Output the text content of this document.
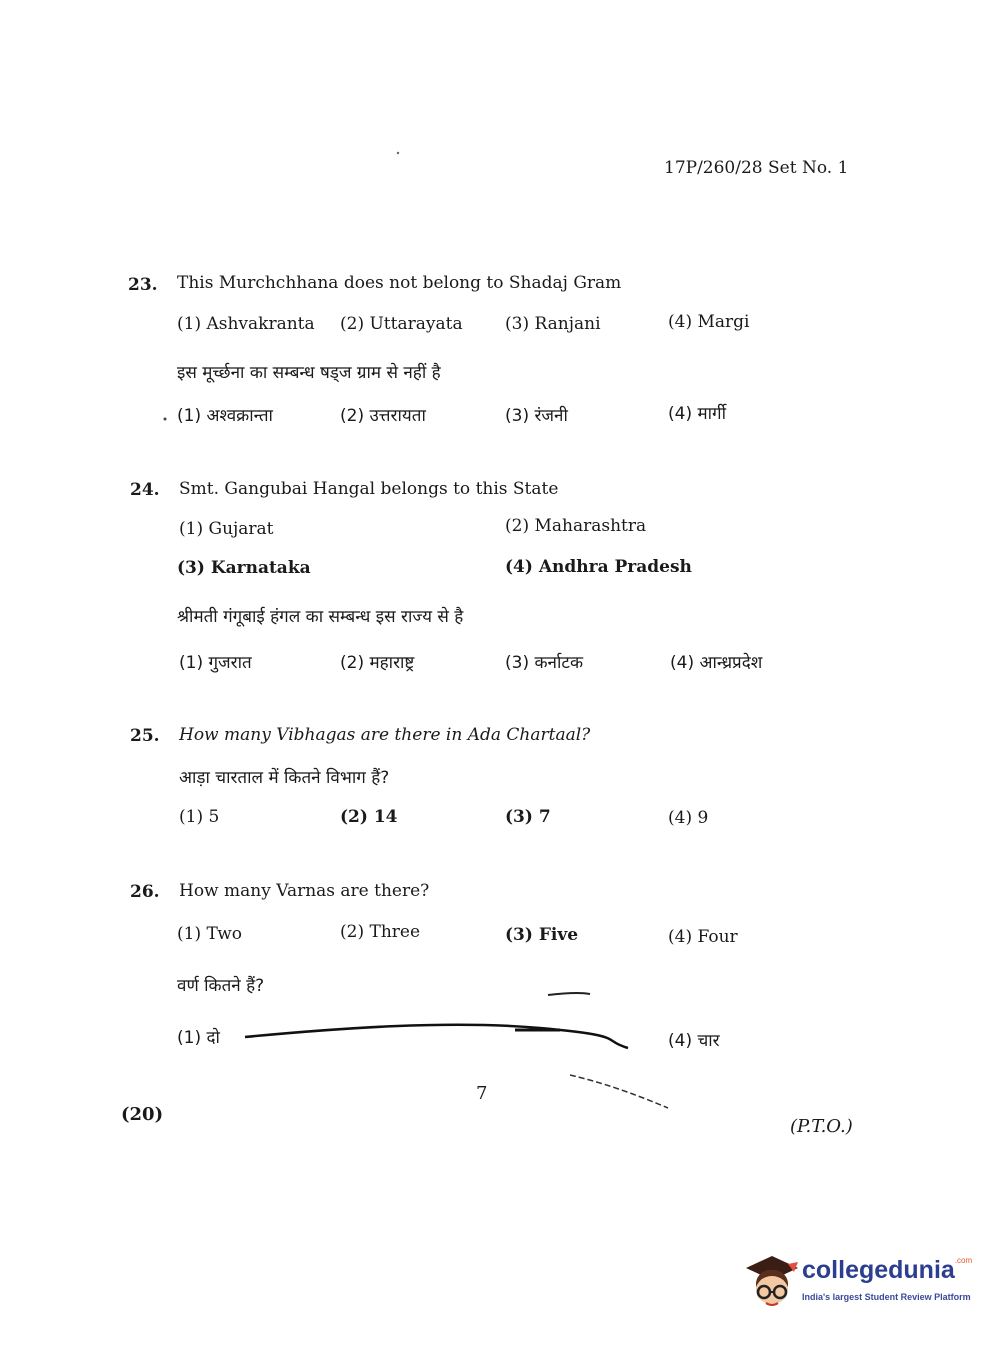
17P/260/28 Set No. 1
23. This Murchchhana does not belong to Shadaj Gram
(1) Ashvakranta (2) Uttarayata (3) Ranjani	(4) Margi
इस मूर्च्छना का सम्बन्ध षड्ज ग्राम से नहीं है
(1) अश्वक्रान्ता	(2) उत्तरायता	(3) रंजनी	(4) मार्गी
24. Smt. Gangubai Hangal belongs to this State
(1) Gujarat	(2) Maharashtra
(3) Karnataka	(4) Andhra Pradesh
श्रीमती गंगूबाई हंगल का सम्बन्ध इस राज्य से है
(1) गुजरात	(2) महाराष्ट्र	(3) कर्नाटक	(4) आन्ध्रप्रदेश
25. How many Vibhagas are there in Ada Chartaal?
आड़ा चारताल में कितने विभाग हैं?
(1) 5	(2) 14	(3) 7	(4) 9
26. How many Varnas are there?
(1) Two	(2) Three	(3) Five	(4) Four
वर्ण कितने हैं?
(1) दो	(4) चार
7
(20)
(P.T.O.)
collegedunia$^{.com}$
India's largest Student Review Platform
